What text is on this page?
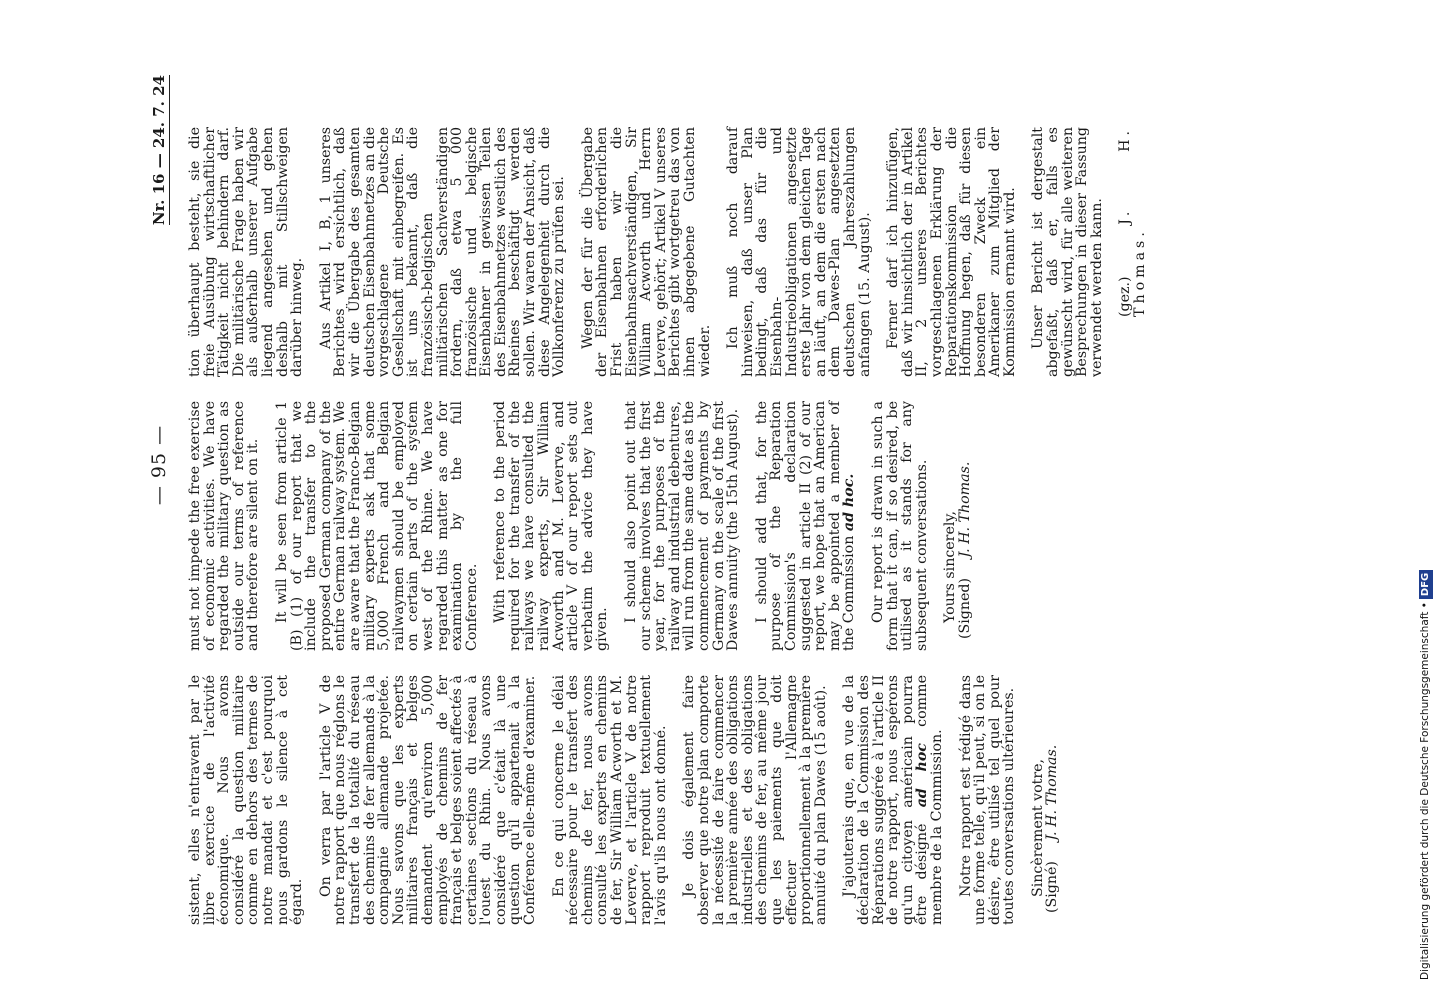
— 95 —
Nr. 16 — 24. 7. 24

sistent, elles n'entravent par le libre exercice de l'activité économique. Nous avons considéré la question militaire comme en dehors des termes de notre mandat et c'est pourquoi nous gardons le silence à cet égard.

On verra par l'article V de notre rapport que nous réglons le transfert de la totalité du réseau des chemins de fer allemands à la compagnie allemande projetée. Nous savons que les experts militaires français et belges demandent qu'environ 5,000 employés de chemins de fer français et belges soient affectés à certaines sections du réseau à l'ouest du Rhin. Nous avons considéré que c'était là une question qu'il appartenait à la Conférence elle-même d'examiner. En ce qui concerne le délai nécessaire pour le transfert des chemins de fer, nous avons consulté les experts en chemins de fer, Sir William Acworth et M. Leverve, et l'article V de notre rapport reproduit textuellement l'avis qu'ils nous ont donné. Je dois également faire observer que notre plan comporte la nécessité de faire commencer la première année des obligations industrielles et des obligations des chemins de fer, au même jour que les paiements que doit effectuer l'Allemagne proportionnellement à la première annuité du plan Dawes (15 août). J'ajouterais que, en vue de la déclaration de la Commission des Réparations suggérée à l'article II de notre rapport, nous espérons qu'un citoyen américain pourra être désigné ad hoc comme membre de la Commission. Notre rapport est rédigé dans une forme telle, qu'il peut, si on le désire, être utilisé tel quel pour toutes conversations ultérieures. Sincèrement votre,
(Signé) J. H. Thomas.

must not impede the free exercise of economic activities. We have regarded the military question as outside our terms of reference and therefore are silent on it. It will be seen from article 1 (B) (1) of our report that we include the transfer to the proposed German company of the entire German railway system. We are aware that the Franco-Belgian military experts ask that some 5,000 French and Belgian railwaymen should be employed on certain parts of the system west of the Rhine. We have regarded this matter as one for examination by the full Conference. With reference to the period required for the transfer of the railways we have consulted the railway experts, Sir William Acworth and M. Leverve, and article V of our report sets out verbatim the advice they have given.

I should also point out that our scheme involves that the first year, for the purposes of the railway and industrial debentures, will run from the same date as the commencement of payments by Germany on the scale of the first Dawes annuity (the 15th August). I should add that, for the purpose of the Reparation Commission's declaration suggested in article II (2) of our report, we hope that an American may be appointed a member of the Commission ad hoc. Our report is drawn in such a form that it can, if so desired, be utilised as it stands for any subsequent conversations. Yours sincerely,
(Signed) J. H. Thomas.

tion überhaupt besteht, sie die freie Ausübung wirtschaftlicher Tätigkeit nicht behindern darf. Die militärische Frage haben wir als außerhalb unserer Aufgabe liegend angesehen und gehen deshalb mit Stillschweigen darüber hinweg. Aus Artikel I, B, 1 unseres Berichtes wird ersichtlich, daß wir die Übergabe des gesamten deutschen Eisenbahnnetzes an die vorgeschlagene Deutsche Gesellschaft mit einbegreifen. Es ist uns bekannt, daß die französisch-belgischen militärischen Sachverständigen fordern, daß etwa 5 000 französische und belgische Eisenbahner in gewissen Teilen des Eisenbahnnetzes westlich des Rheines beschäftigt werden sollen. Wir waren der Ansicht, daß diese Angelegenheit durch die Vollkonferenz zu prüfen sei. Wegen der für die Übergabe der Eisenbahnen erforderlichen Frist haben wir die Eisenbahnsachverständigen, Sir William Acworth und Herrn Leverve, gehört; Artikel V unseres Berichtes gibt wortgetreu das von ihnen abgegebene Gutachten wieder.

Ich muß noch darauf hinweisen, daß unser Plan bedingt, daß das für die Eisenbahn- und Industrieobligationen angesetzte erste Jahr von dem gleichen Tage an läuft, an dem die ersten nach dem Dawes-Plan angesetzten deutschen Jahreszahlungen anfangen (15. August). Ferner darf ich hinzufügen, daß wir hinsichtlich der in Artikel II, 2 unseres Berichtes vorgeschlagenen Erklärung der Reparationskommission die Hoffnung hegen, daß für diesen besonderen Zweck ein Amerikaner zum Mitglied der Kommission ernannt wird. Unser Bericht ist dergestalt abgefaßt, daß er, falls es gewünscht wird, für alle weiteren Besprechungen in dieser Fassung verwendet werden kann. (gez.) J. H. Thomas.
Digitalisierung gefördert durch die Deutsche Forschungsgemeinschaft •DFG
